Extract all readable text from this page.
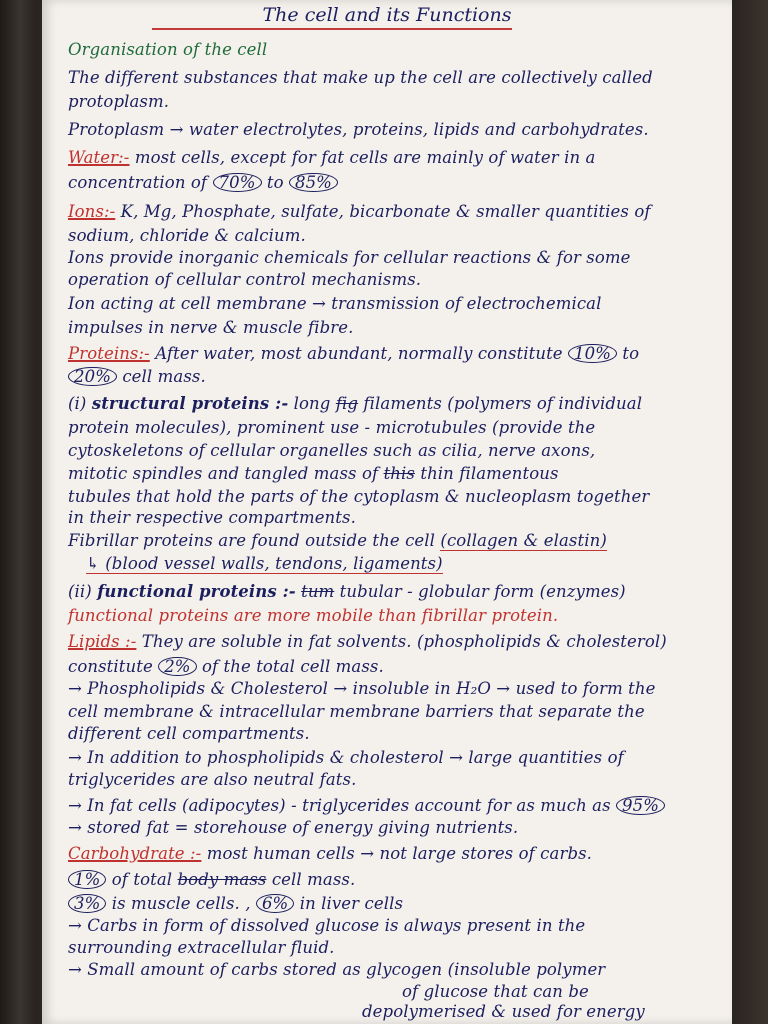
The cell and its Functions
Organisation of the cell
The different substances that make up the cell are collectively called
protoplasm.
Protoplasm → water electrolytes, proteins, lipids and carbohydrates.
Water:- most cells, except for fat cells are mainly of water in a
concentration of 70% to 85%
Ions:- K, Mg, Phosphate, sulfate, bicarbonate & smaller quantities of
sodium, chloride & calcium.
Ions provide inorganic chemicals for cellular reactions & for some
operation of cellular control mechanisms.
Ion acting at cell membrane → transmission of electrochemical
impulses in nerve & muscle fibre.
Proteins:- After water, most abundant, normally constitute 10% to
20% cell mass.
(i) structural proteins :- long fig filaments (polymers of individual
protein molecules), prominent use - microtubules (provide the
cytoskeletons of cellular organelles such as cilia, nerve axons,
mitotic spindles and tangled mass of this thin filamentous
tubules that hold the parts of the cytoplasm & nucleoplasm together
in their respective compartments.
Fibrillar proteins are found outside the cell (collagen & elastin)
↳ (blood vessel walls, tendons, ligaments)
(ii) functional proteins :- tum tubular - globular form (enzymes)
functional proteins are more mobile than fibrillar protein.
Lipids :- They are soluble in fat solvents. (phospholipids & cholesterol)
constitute 2% of the total cell mass.
→ Phospholipids & Cholesterol → insoluble in H₂O → used to form the
cell membrane & intracellular membrane barriers that separate the
different cell compartments.
→ In addition to phospholipids & cholesterol → large quantities of
triglycerides are also neutral fats.
→ In fat cells (adipocytes) - triglycerides account for as much as 95%
→ stored fat = storehouse of energy giving nutrients.
Carbohydrate :- most human cells → not large stores of carbs.
1% of total body mass cell mass.
3% is muscle cells. , 6% in liver cells
→ Carbs in form of dissolved glucose is always present in the
surrounding extracellular fluid.
→ Small amount of carbs stored as glycogen (insoluble polymer
of glucose that can be
depolymerised & used for energy
